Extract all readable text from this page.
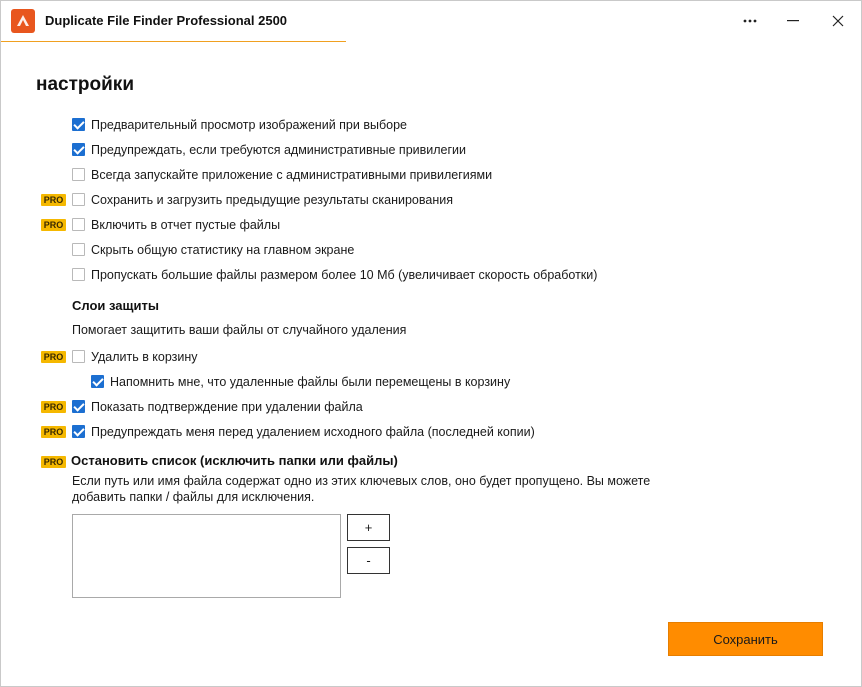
Duplicate File Finder Professional 2500
настройки
Предварительный просмотр изображений при выборе
Предупреждать, если требуются административные привилегии
Всегда запускайте приложение с административными привилегиями
PRO Сохранить и загрузить предыдущие результаты сканирования
PRO Включить в отчет пустые файлы
Скрыть общую статистику на главном экране
Пропускать большие файлы размером более 10 Мб (увеличивает скорость обработки)
Слои защиты
Помогает защитить ваши файлы от случайного удаления
PRO Удалить в корзину
Напомнить мне, что удаленные файлы были перемещены в корзину
PRO Показать подтверждение при удалении файла
PRO Предупреждать меня перед удалением исходного файла (последней копии)
PRO Остановить список (исключить папки или файлы)
Если путь или имя файла содержат одно из этих ключевых слов, оно будет пропущено. Вы можете добавить папки / файлы для исключения.
+
-
Сохранить
